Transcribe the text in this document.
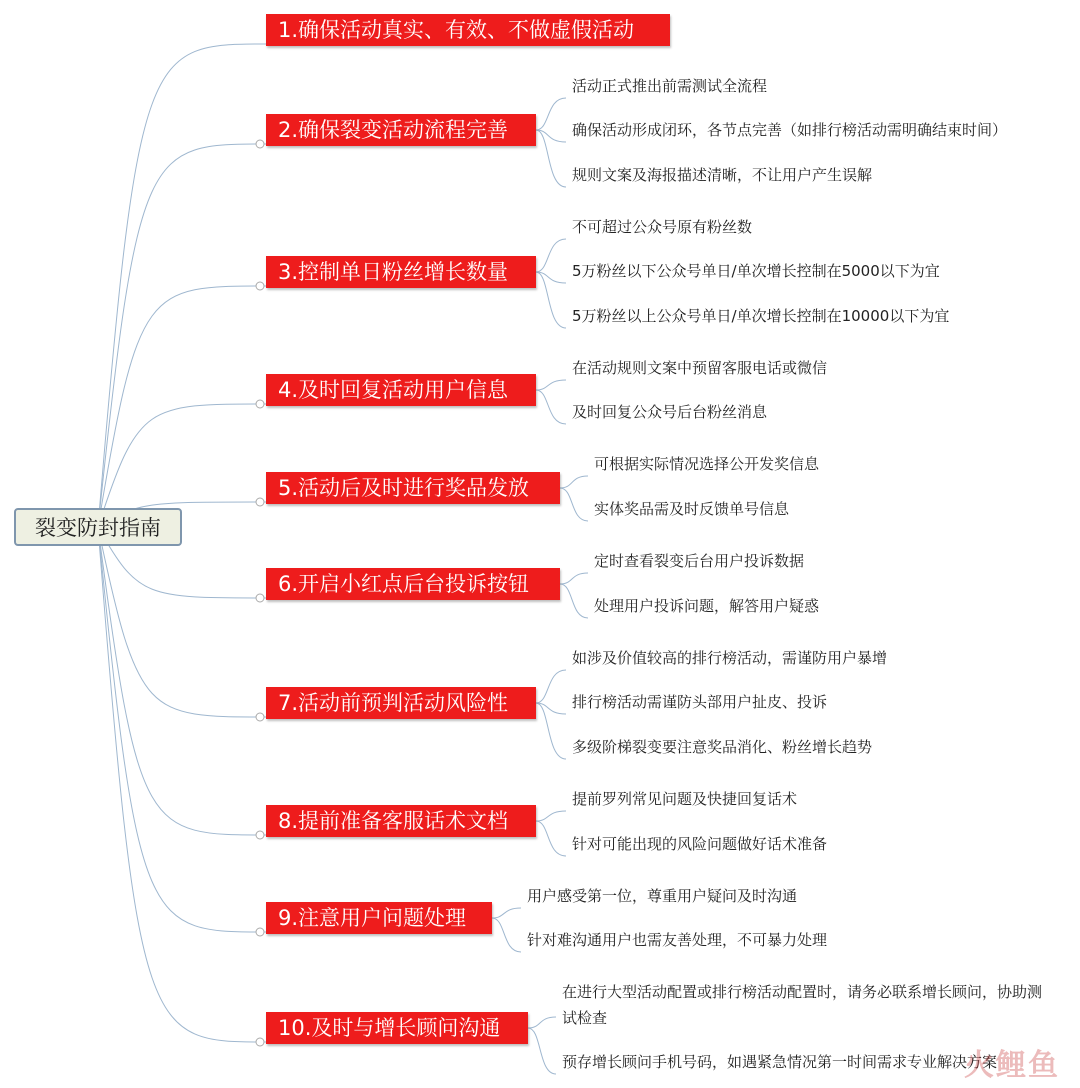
裂变防封指南
1.确保活动真实、有效、不做虚假活动
2.确保裂变活动流程完善
活动正式推出前需测试全流程
确保活动形成闭环，各节点完善（如排行榜活动需明确结束时间）
规则文案及海报描述清晰，不让用户产生误解
3.控制单日粉丝增长数量
不可超过公众号原有粉丝数
5万粉丝以下公众号单日/单次增长控制在5000以下为宜
5万粉丝以上公众号单日/单次增长控制在10000以下为宜
4.及时回复活动用户信息
在活动规则文案中预留客服电话或微信
及时回复公众号后台粉丝消息
5.活动后及时进行奖品发放
可根据实际情况选择公开发奖信息
实体奖品需及时反馈单号信息
6.开启小红点后台投诉按钮
定时查看裂变后台用户投诉数据
处理用户投诉问题，解答用户疑惑
7.活动前预判活动风险性
如涉及价值较高的排行榜活动，需谨防用户暴增
排行榜活动需谨防头部用户扯皮、投诉
多级阶梯裂变要注意奖品消化、粉丝增长趋势
8.提前准备客服话术文档
提前罗列常见问题及快捷回复话术
针对可能出现的风险问题做好话术准备
9.注意用户问题处理
用户感受第一位，尊重用户疑问及时沟通
针对难沟通用户也需友善处理，不可暴力处理
10.及时与增长顾问沟通
在进行大型活动配置或排行榜活动配置时，请务必联系增长顾问，协助测试检查
预存增长顾问手机号码，如遇紧急情况第一时间需求专业解决方案
火鲤鱼
